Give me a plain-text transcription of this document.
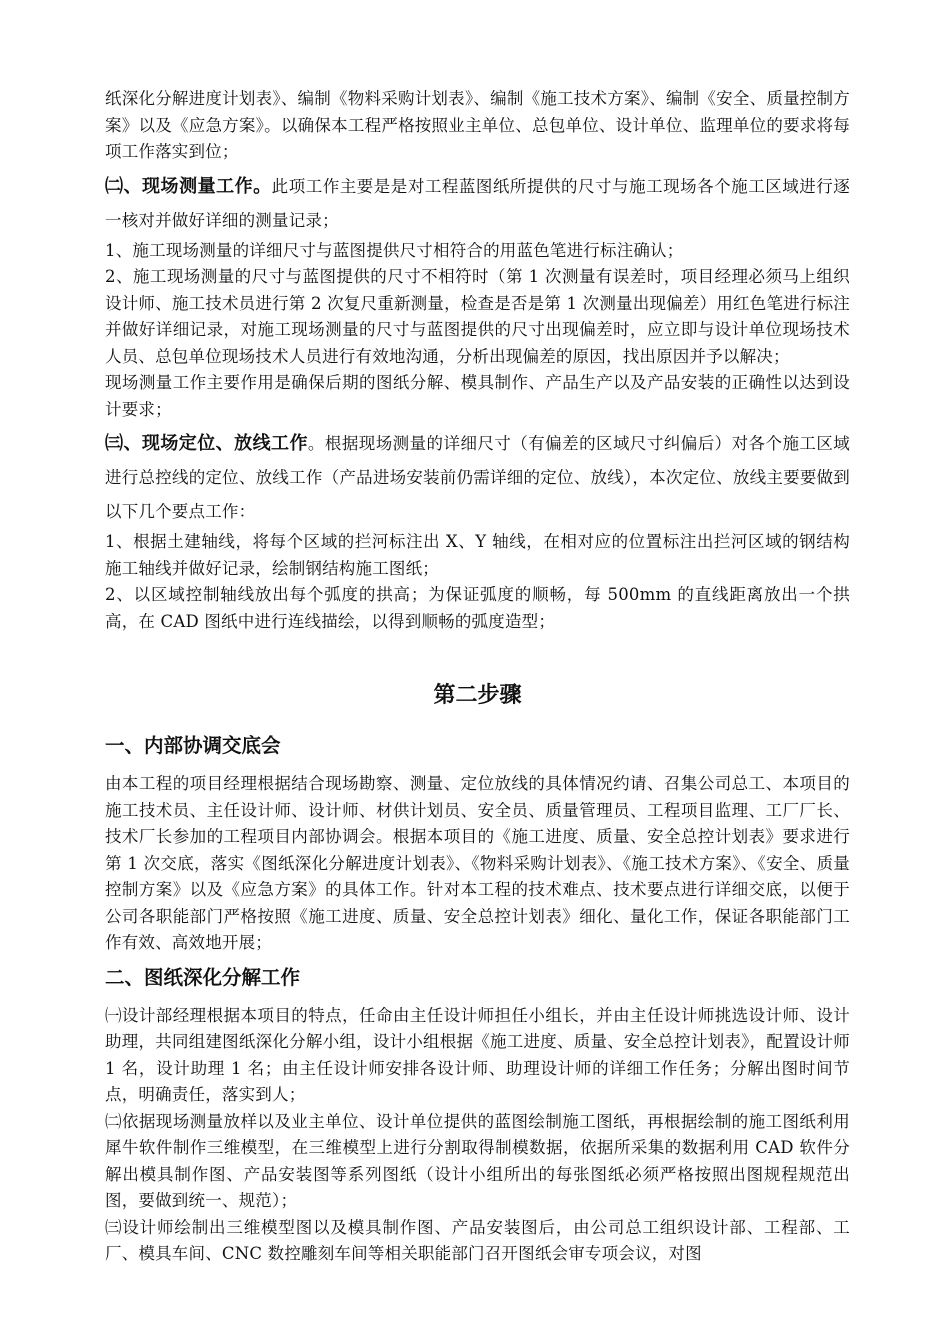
纸深化分解进度计划表》、编制《物料采购计划表》、编制《施工技术方案》、编制《安全、质量控制方案》以及《应急方案》。以确保本工程严格按照业主单位、总包单位、设计单位、监理单位的要求将每项工作落实到位；

㈡、现场测量工作。此项工作主要是是对工程蓝图纸所提供的尺寸与施工现场各个施工区域进行逐一核对并做好详细的测量记录；

1、施工现场测量的详细尺寸与蓝图提供尺寸相符合的用蓝色笔进行标注确认；

2、施工现场测量的尺寸与蓝图提供的尺寸不相符时（第 1 次测量有误差时，项目经理必须马上组织设计师、施工技术员进行第 2 次复尺重新测量，检查是否是第 1 次测量出现偏差）用红色笔进行标注并做好详细记录，对施工现场测量的尺寸与蓝图提供的尺寸出现偏差时，应立即与设计单位现场技术人员、总包单位现场技术人员进行有效地沟通，分析出现偏差的原因，找出原因并予以解决；

现场测量工作主要作用是确保后期的图纸分解、模具制作、产品生产以及产品安装的正确性以达到设计要求；

㈢、现场定位、放线工作。根据现场测量的详细尺寸（有偏差的区域尺寸纠偏后）对各个施工区域进行总控线的定位、放线工作（产品进场安装前仍需详细的定位、放线），本次定位、放线主要要做到以下几个要点工作：

1、根据土建轴线，将每个区域的拦河标注出 X、Y 轴线，在相对应的位置标注出拦河区域的钢结构施工轴线并做好记录，绘制钢结构施工图纸；

2、以区域控制轴线放出每个弧度的拱高；为保证弧度的顺畅，每 500mm 的直线距离放出一个拱高，在 CAD 图纸中进行连线描绘，以得到顺畅的弧度造型；

第二步骤
一、内部协调交底会

由本工程的项目经理根据结合现场勘察、测量、定位放线的具体情况约请、召集公司总工、本项目的施工技术员、主任设计师、设计师、材供计划员、安全员、质量管理员、工程项目监理、工厂厂长、技术厂长参加的工程项目内部协调会。根据本项目的《施工进度、质量、安全总控计划表》要求进行第 1 次交底，落实《图纸深化分解进度计划表》、《物料采购计划表》、《施工技术方案》、《安全、质量控制方案》以及《应急方案》的具体工作。针对本工程的技术难点、技术要点进行详细交底，以便于公司各职能部门严格按照《施工进度、质量、安全总控计划表》细化、量化工作，保证各职能部门工作有效、高效地开展；

二、图纸深化分解工作

㈠设计部经理根据本项目的特点，任命由主任设计师担任小组长，并由主任设计师挑选设计师、设计助理，共同组建图纸深化分解小组，设计小组根据《施工进度、质量、安全总控计划表》，配置设计师 1 名，设计助理 1 名；由主任设计师安排各设计师、助理设计师的详细工作任务；分解出图时间节点，明确责任，落实到人；

㈡依据现场测量放样以及业主单位、设计单位提供的蓝图绘制施工图纸，再根据绘制的施工图纸利用犀牛软件制作三维模型，在三维模型上进行分割取得制模数据，依据所采集的数据利用 CAD 软件分解出模具制作图、产品安装图等系列图纸（设计小组所出的每张图纸必须严格按照出图规程规范出图，要做到统一、规范）；

㈢设计师绘制出三维模型图以及模具制作图、产品安装图后，由公司总工组织设计部、工程部、工厂、模具车间、CNC 数控雕刻车间等相关职能部门召开图纸会审专项会议，对图
